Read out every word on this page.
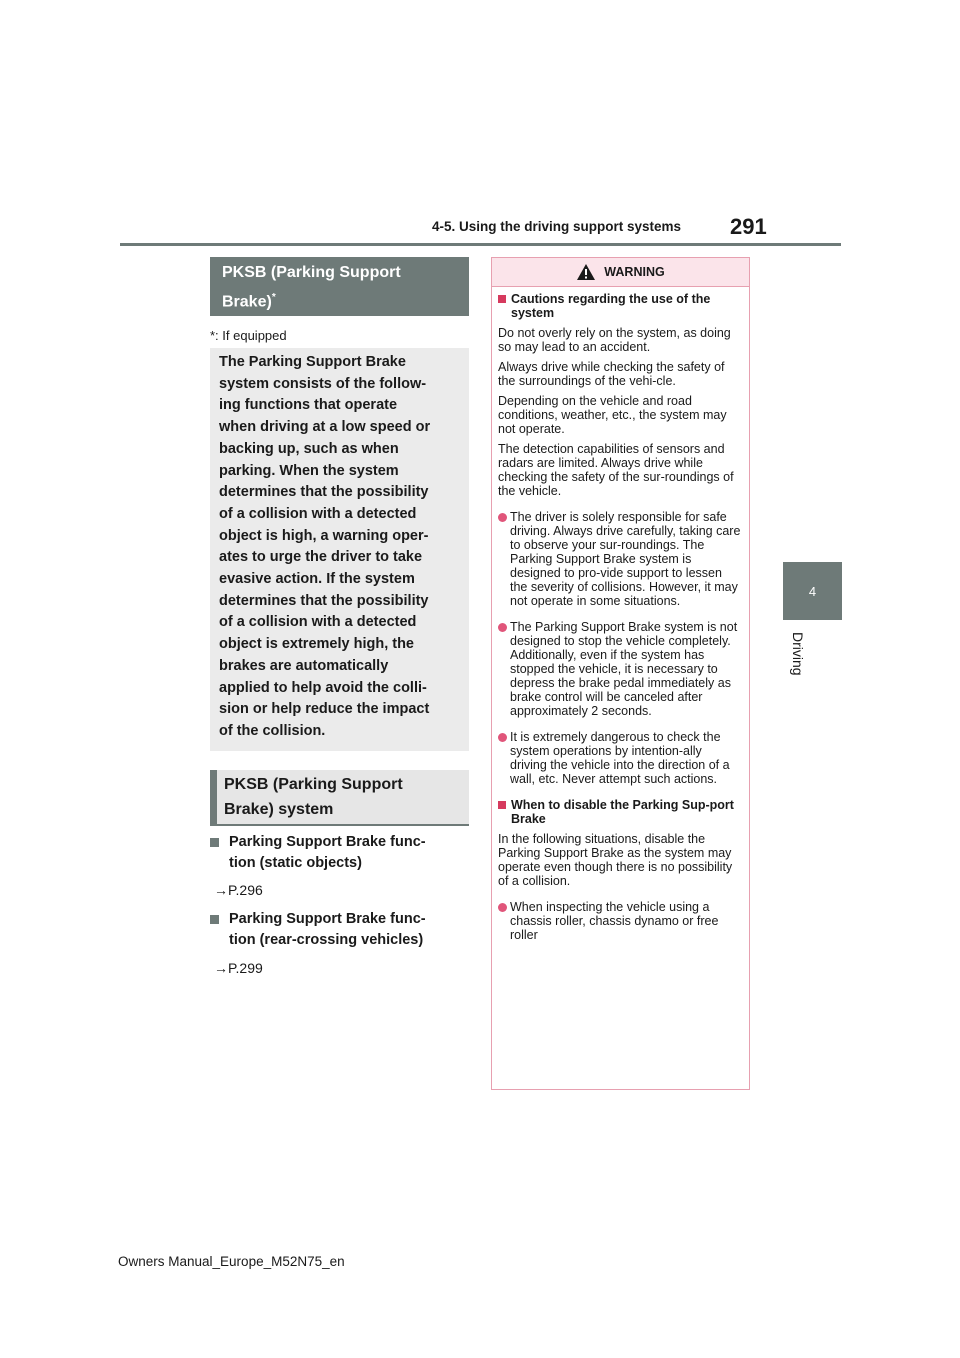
4-5. Using the driving support systems 291
4
Driving
PKSB (Parking Support
Brake)*
*: If equipped
The Parking Support Brake
system consists of the follow-
ing functions that operate
when driving at a low speed or
backing up, such as when
parking. When the system
determines that the possibility
of a collision with a detected
object is high, a warning oper-
ates to urge the driver to take
evasive action. If the system
determines that the possibility
of a collision with a detected
object is extremely high, the
brakes are automatically
applied to help avoid the colli-
sion or help reduce the impact
of the collision.
PKSB (Parking Support
Brake) system
Parking Support Brake func-
tion (static objects)
→P.296
Parking Support Brake func-
tion (rear-crossing vehicles)
→P.299
WARNING
Cautions regarding the use of the system

Do not overly rely on the system, as doing so may lead to an accident.

Always drive while checking the safety of the surroundings of the vehi-cle.

Depending on the vehicle and road conditions, weather, etc., the system may not operate.

The detection capabilities of sensors and radars are limited. Always drive while checking the safety of the sur-roundings of the vehicle.

The driver is solely responsible for safe driving. Always drive carefully, taking care to observe your sur-roundings. The Parking Support Brake system is designed to pro-vide support to lessen the severity of collisions. However, it may not operate in some situations.
The Parking Support Brake system is not designed to stop the vehicle completely. Additionally, even if the system has stopped the vehicle, it is necessary to depress the brake pedal immediately as brake control will be canceled after approximately 2 seconds.
It is extremely dangerous to check the system operations by intention-ally driving the vehicle into the direction of a wall, etc. Never attempt such actions.
When to disable the Parking Sup-port Brake

In the following situations, disable the Parking Support Brake as the system may operate even though there is no possibility of a collision.

When inspecting the vehicle using a chassis roller, chassis dynamo or free roller
Owners Manual_Europe_M52N75_en
